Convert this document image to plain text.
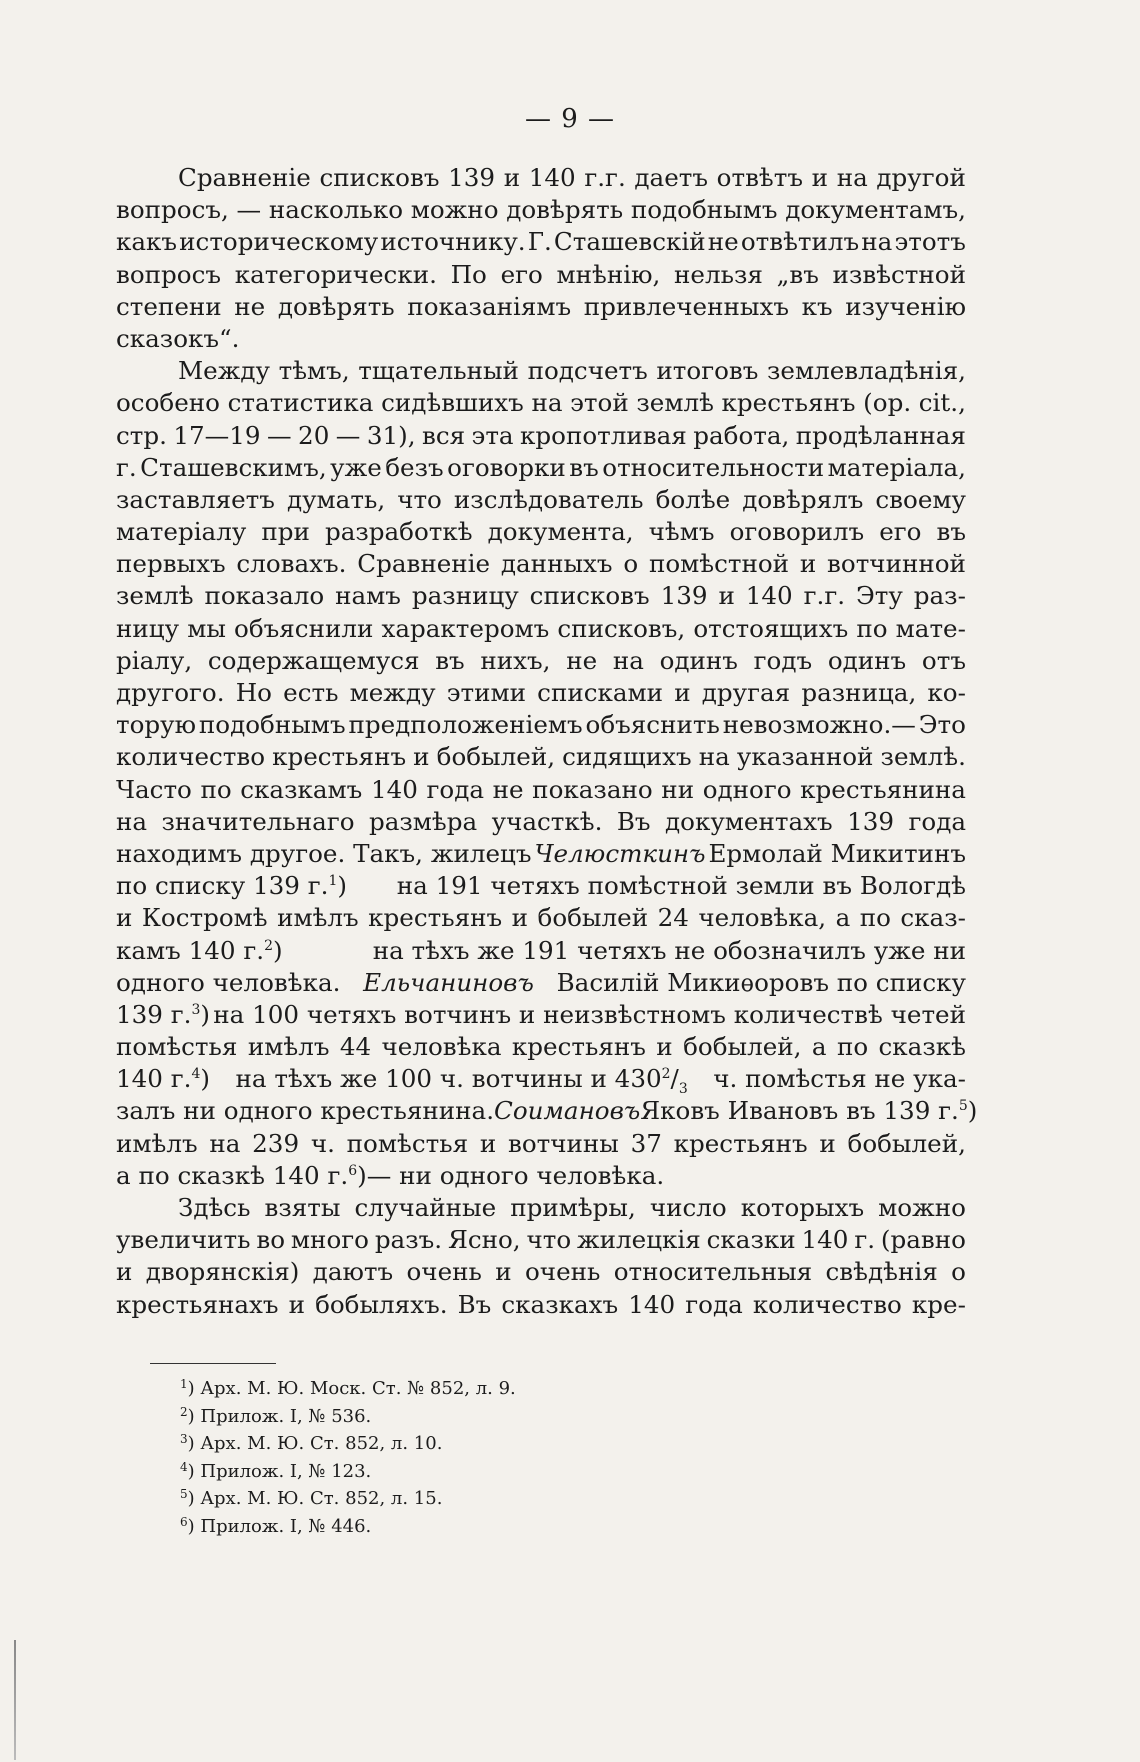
— 9 —
Сравненіе списковъ 139 и 140 г.г. даетъ отвѣтъ и на другой
вопросъ, — насколько можно довѣрять подобнымъ документамъ,
какъ историческому источнику. Г. Сташевскій не отвѣтилъ на этотъ
вопросъ категорически. По его мнѣнію, нельзя „въ извѣстной
степени не довѣрять показаніямъ привлеченныхъ къ изученію
сказокъ“.
Между тѣмъ, тщательный подсчетъ итоговъ землевладѣнія,
особено статистика сидѣвшихъ на этой землѣ крестьянъ (op. cit.,
стр. 17—19 — 20 — 31), вся эта кропотливая работа, продѣланная
г. Сташевскимъ, уже безъ оговорки въ относительности матеріала,
заставляетъ думать, что изслѣдователь болѣе довѣрялъ своему
матеріалу при разработкѣ документа, чѣмъ оговорилъ его въ
первыхъ словахъ. Сравненіе данныхъ о помѣстной и вотчинной
землѣ показало намъ разницу списковъ 139 и 140 г.г. Эту раз-
ницу мы объяснили характеромъ списковъ, отстоящихъ по мате-
ріалу, содержащемуся въ нихъ, не на одинъ годъ одинъ отъ
другого. Но есть между этими списками и другая разница, ко-
торую подобнымъ предположеніемъ объяснить невозможно.— Это
количество крестьянъ и бобылей, сидящихъ на указанной землѣ.
Часто по сказкамъ 140 года не показано ни одного крестьянина
на значительнаго размѣра участкѣ. Въ документахъ 139 года
находимъ другое. Такъ, жилецъ Челюсткинъ Ермолай Микитинъ
по списку 139 г.$^1$) на 191 четяхъ помѣстной земли въ Вологдѣ
и Костромѣ имѣлъ крестьянъ и бобылей 24 человѣка, а по сказ-
камъ 140 г.$^2$)	на тѣхъ же 191 четяхъ не обозначилъ уже ни
одного человѣка. Ельчаниновъ Василій Микиѳоровъ по списку
139 г.$^3$) на 100 четяхъ вотчинъ и неизвѣстномъ количествѣ четей
помѣстья имѣлъ 44 человѣка крестьянъ и бобылей, а по сказкѣ
140 г.$^4$) на тѣхъ же 100 ч. вотчины и $430^2/_3$ ч. помѣстья не ука-
залъ ни одного крестьянина. Соимановъ Яковъ Ивановъ въ 139 г.$^5$)
имѣлъ на 239 ч. помѣстья и вотчины 37 крестьянъ и бобылей,
а по сказкѣ 140 г.$^6$)— ни одного человѣка.
Здѣсь взяты случайные примѣры, число которыхъ можно
увеличить во много разъ. Ясно, что жилецкія сказки 140 г. (равно
и дворянскія) даютъ очень и очень относительныя свѣдѣнія о
крестьянахъ и бобыляхъ. Въ сказкахъ 140 года количество кре-
$^1$) Арх. М. Ю. Моск. Ст. № 852, л. 9.
$^2$) Прилож. I, № 536.
$^3$) Арх. М. Ю. Ст. 852, л. 10.
$^4$) Прилож. I, № 123.
$^5$) Арх. М. Ю. Ст. 852, л. 15.
$^6$) Прилож. I, № 446.
